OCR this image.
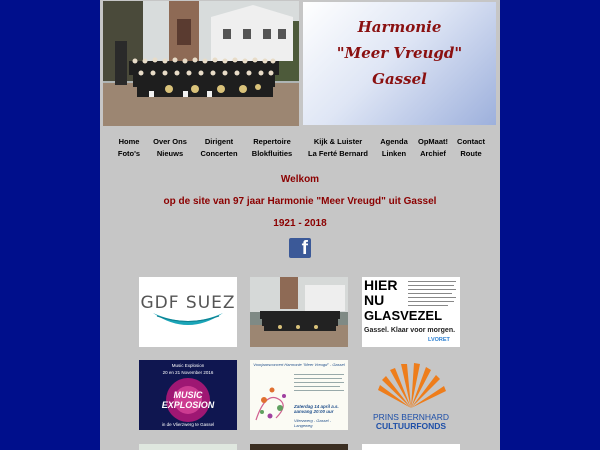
Harmonie
"Meer Vreugd"
Gassel
Home Over Ons Dirigent	Repertoire	Kijk & Luister Agenda OpMaat! Contact
Foto's Nieuws Concerten Blokfluities La Ferté Bernard Linken Archief Route
Welkom
op de site van 97 jaar Harmonie "Meer Vreugd" uit Gassel
1921 - 2018
f
GDF SUEZ
HIER
NU
GLASVEZEL
Gassel. Klaar voor morgen.
LVORET
Music Explosion
20 en 21 November 2016
MUSIC
EXPLOSION
in de Vlierzwerg te Gassel
Voorjaarsconcert Harmonie "Meer Vreugd" - Gassel
Zaterdag 14 april a.s. aanvang 20:00 uur
Vlierzwerg - Gassel - Langeweg
PRINS BERNHARD
CULTUURFONDS
